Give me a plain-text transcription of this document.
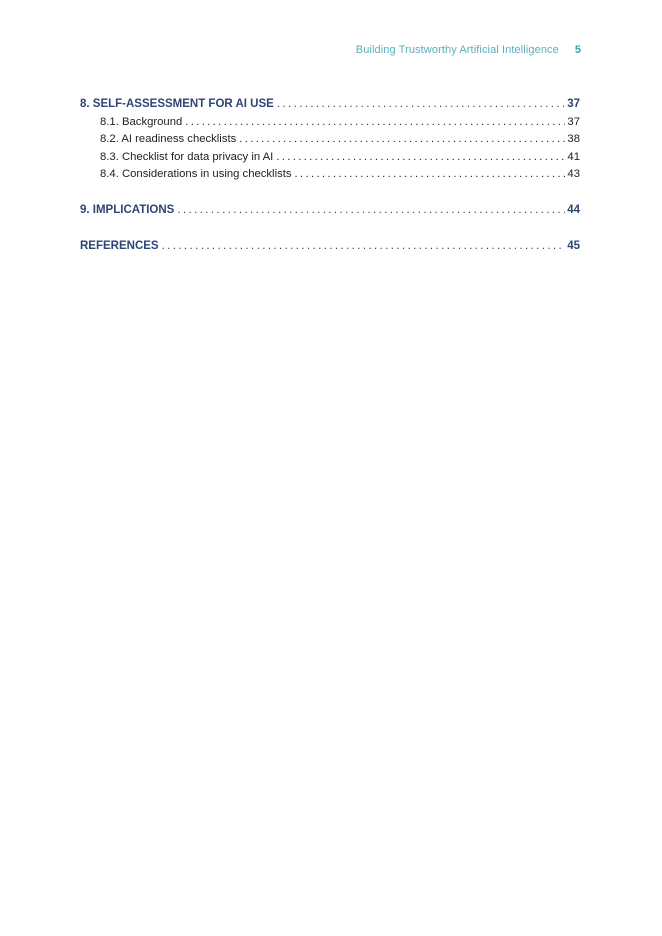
Building Trustworthy Artificial Intelligence 5
8. SELF-ASSESSMENT FOR AI USE . . .	37
8.1. Background . . .	37
8.2. AI readiness checklists . . .	38
8.3. Checklist for data privacy in AI . . .	41
8.4. Considerations in using checklists . . .	43
9. IMPLICATIONS . . .	44
REFERENCES . . .	45
